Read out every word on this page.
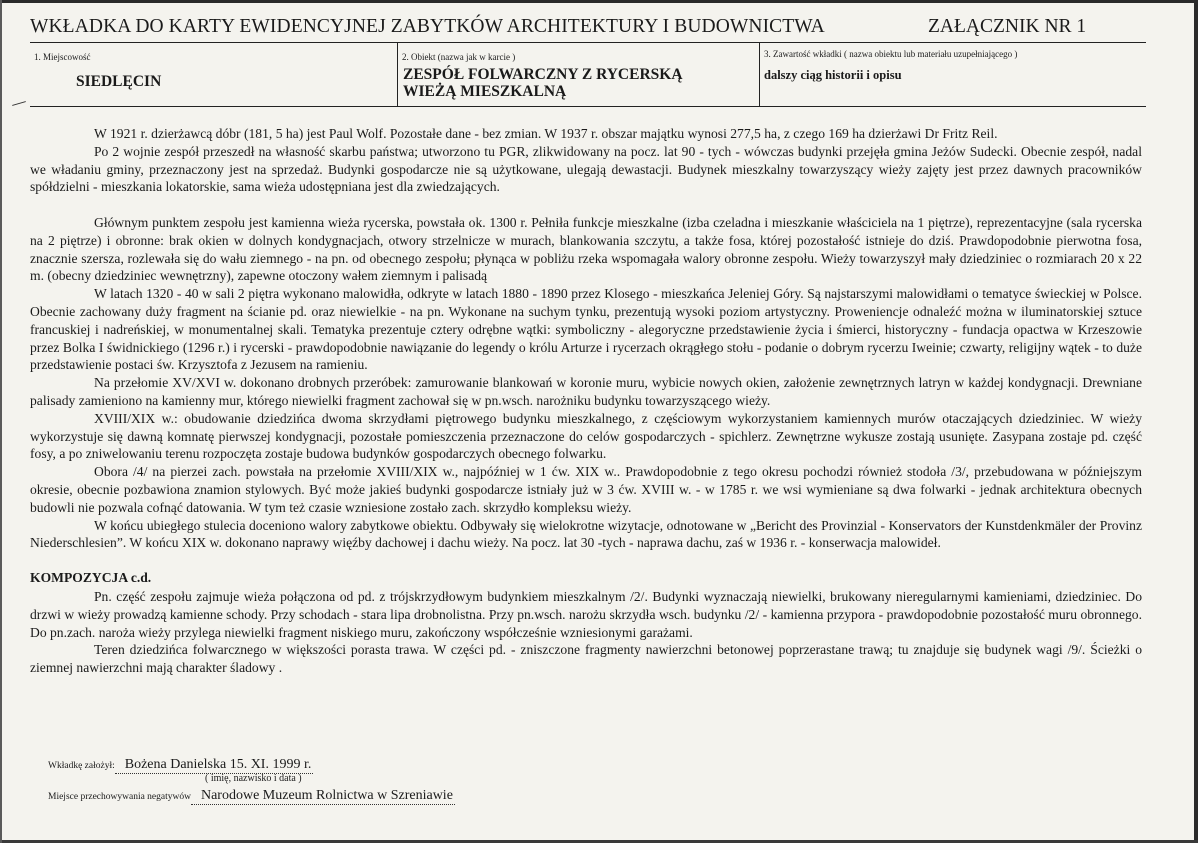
WKŁADKA DO KARTY EWIDENCYJNEJ ZABYTKÓW ARCHITEKTURY I BUDOWNICTWA	ZAŁĄCZNIK NR 1
1. Miejscowość
SIEDLĘCIN
2. Obiekt (nazwa jak w karcie )
ZESPÓŁ FOLWARCZNY Z RYCERSKĄ
WIEŻĄ MIESZKALNĄ
3. Zawartość wkładki ( nazwa obiektu lub materiału uzupełniającego )
dalszy ciąg historii i opisu

W 1921 r. dzierżawcą dóbr (181, 5 ha) jest Paul Wolf. Pozostałe dane - bez zmian. W 1937 r. obszar majątku wynosi 277,5 ha, z czego 169 ha dzierżawi Dr Fritz Reil.

Po 2 wojnie zespół przeszedł na własność skarbu państwa; utworzono tu PGR, zlikwidowany na pocz. lat 90 - tych - wówczas budynki przejęła gmina Jeżów Sudecki. Obecnie zespół, nadal we władaniu gminy, przeznaczony jest na sprzedaż. Budynki gospodarcze nie są użytkowane, ulegają dewastacji. Budynek mieszkalny towarzyszący wieży zajęty jest przez dawnych pracowników spółdzielni - mieszkania lokatorskie, sama wieża udostępniana jest dla zwiedzających.

Głównym punktem zespołu jest kamienna wieża rycerska, powstała ok. 1300 r. Pełniła funkcje mieszkalne (izba czeladna i mieszkanie właściciela na 1 piętrze), reprezentacyjne (sala rycerska na 2 piętrze) i obronne: brak okien w dolnych kondygnacjach, otwory strzelnicze w murach, blankowania szczytu, a także fosa, której pozostałość istnieje do dziś. Prawdopodobnie pierwotna fosa, znacznie szersza, rozlewała się do wału ziemnego - na pn. od obecnego zespołu; płynąca w pobliżu rzeka wspomagała walory obronne zespołu. Wieży towarzyszył mały dziedziniec o rozmiarach 20 x 22 m. (obecny dziedziniec wewnętrzny), zapewne otoczony wałem ziemnym i palisadą

W latach 1320 - 40 w sali 2 piętra wykonano malowidła, odkryte w latach 1880 - 1890 przez Klosego - mieszkańca Jeleniej Góry. Są najstarszymi malowidłami o tematyce świeckiej w Polsce. Obecnie zachowany duży fragment na ścianie pd. oraz niewielkie - na pn. Wykonane na suchym tynku, prezentują wysoki poziom artystyczny. Proweniencje odnaleźć można w iluminatorskiej sztuce francuskiej i nadreńskiej, w monumentalnej skali. Tematyka prezentuje cztery odrębne wątki: symboliczny - alegoryczne przedstawienie życia i śmierci, historyczny - fundacja opactwa w Krzeszowie przez Bolka I świdnickiego (1296 r.) i rycerski - prawdopodobnie nawiązanie do legendy o królu Arturze i rycerzach okrągłego stołu - podanie o dobrym rycerzu Iweinie; czwarty, religijny wątek - to duże przedstawienie postaci św. Krzysztofa z Jezusem na ramieniu.

Na przełomie XV/XVI w. dokonano drobnych przeróbek: zamurowanie blankowań w koronie muru, wybicie nowych okien, założenie zewnętrznych latryn w każdej kondygnacji. Drewniane palisady zamieniono na kamienny mur, którego niewielki fragment zachował się w pn.wsch. narożniku budynku towarzyszącego wieży.

XVIII/XIX w.: obudowanie dziedzińca dwoma skrzydłami piętrowego budynku mieszkalnego, z częściowym wykorzystaniem kamiennych murów otaczających dziedziniec. W wieży wykorzystuje się dawną komnatę pierwszej kondygnacji, pozostałe pomieszczenia przeznaczone do celów gospodarczych - spichlerz. Zewnętrzne wykusze zostają usunięte. Zasypana zostaje pd. część fosy, a po zniwelowaniu terenu rozpoczęta zostaje budowa budynków gospodarczych obecnego folwarku.

Obora /4/ na pierzei zach. powstała na przełomie XVIII/XIX w., najpóźniej w 1 ćw. XIX w.. Prawdopodobnie z tego okresu pochodzi również stodoła /3/, przebudowana w późniejszym okresie, obecnie pozbawiona znamion stylowych. Być może jakieś budynki gospodarcze istniały już w 3 ćw. XVIII w. - w 1785 r. we wsi wymieniane są dwa folwarki - jednak architektura obecnych budowli nie pozwala cofnąć datowania. W tym też czasie wzniesione zostało zach. skrzydło kompleksu wieży.

W końcu ubiegłego stulecia doceniono walory zabytkowe obiektu. Odbywały się wielokrotne wizytacje, odnotowane w „Bericht des Provinzial - Konservators der Kunstdenkmäler der Provinz Niederschlesien”. W końcu XIX w. dokonano naprawy więźby dachowej i dachu wieży. Na pocz. lat 30 -tych - naprawa dachu, zaś w 1936 r. - konserwacja malowideł.

KOMPOZYCJA c.d.

Pn. część zespołu zajmuje wieża połączona od pd. z trójskrzydłowym budynkiem mieszkalnym /2/. Budynki wyznaczają niewielki, brukowany nieregularnymi kamieniami, dziedziniec. Do drzwi w wieży prowadzą kamienne schody. Przy schodach - stara lipa drobnolistna. Przy pn.wsch. narożu skrzydła wsch. budynku /2/ - kamienna przypora - prawdopodobnie pozostałość muru obronnego. Do pn.zach. naroża wieży przylega niewielki fragment niskiego muru, zakończony współcześnie wzniesionymi garażami.

Teren dziedzińca folwarcznego w większości porasta trawa. W części pd. - zniszczone fragmenty nawierzchni betonowej poprzerastane trawą; tu znajduje się budynek wagi /9/. Ścieżki o ziemnej nawierzchni mają charakter śladowy .

Wkładkę założył: Bożena Danielska 15. XI. 1999 r.
( imię, nazwisko i data )
Miejsce przechowywania negatywów Narodowe Muzeum Rolnictwa w Szreniawie
